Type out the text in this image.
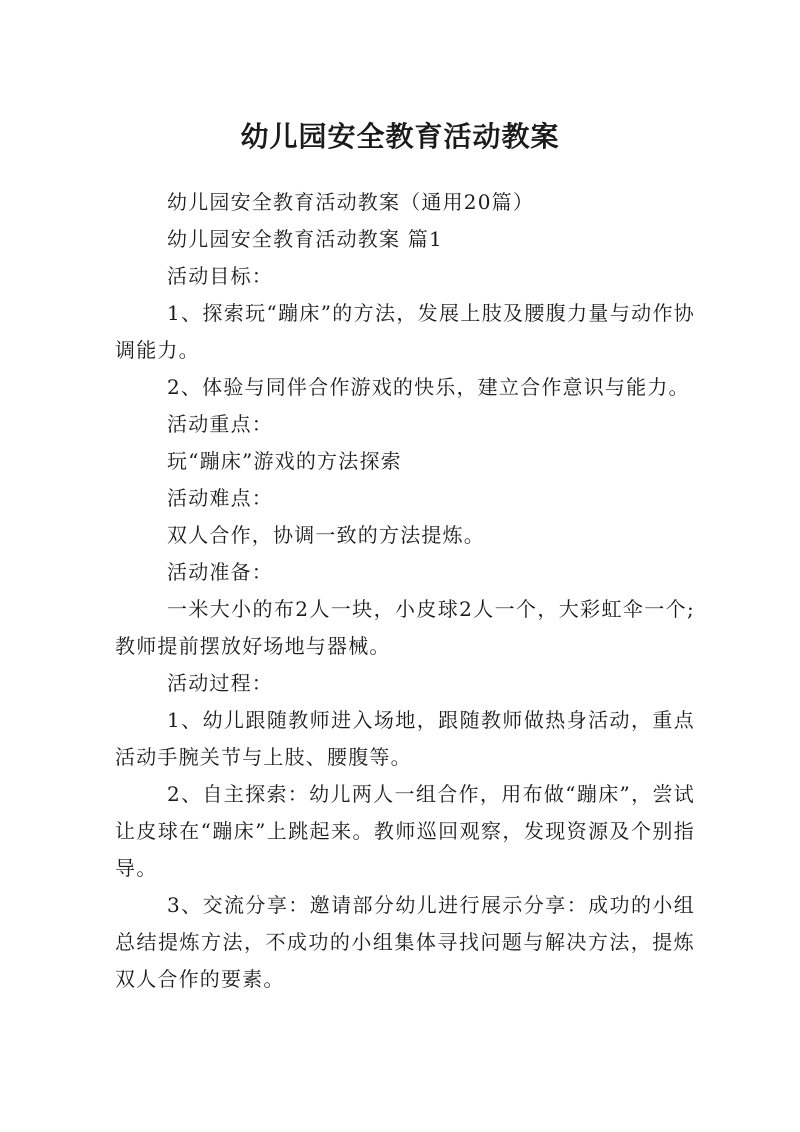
幼儿园安全教育活动教案

幼儿园安全教育活动教案（通用20篇）

幼儿园安全教育活动教案 篇1

活动目标：

1、探索玩“蹦床”的方法，发展上肢及腰腹力量与动作协调能力。

2、体验与同伴合作游戏的快乐，建立合作意识与能力。

活动重点：

玩“蹦床”游戏的方法探索

活动难点：

双人合作，协调一致的方法提炼。

活动准备：

一米大小的布2人一块，小皮球2人一个，大彩虹伞一个;教师提前摆放好场地与器械。

活动过程：

1、幼儿跟随教师进入场地，跟随教师做热身活动，重点活动手腕关节与上肢、腰腹等。

2、自主探索：幼儿两人一组合作，用布做“蹦床”，尝试让皮球在“蹦床”上跳起来。教师巡回观察，发现资源及个别指导。

3、交流分享：邀请部分幼儿进行展示分享：成功的小组总结提炼方法，不成功的小组集体寻找问题与解决方法，提炼双人合作的要素。
